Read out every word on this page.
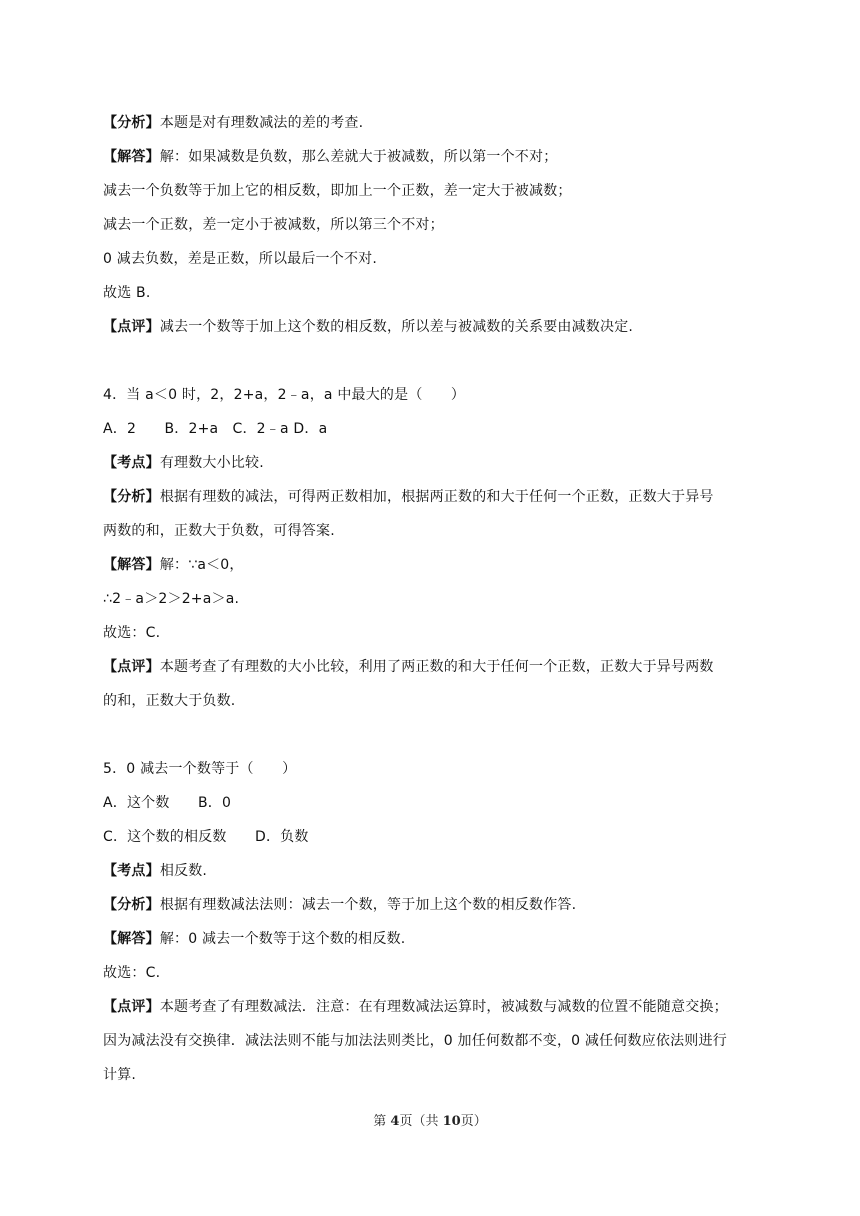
【分析】本题是对有理数减法的差的考查.
【解答】解：如果减数是负数，那么差就大于被减数，所以第一个不对；
减去一个负数等于加上它的相反数，即加上一个正数，差一定大于被减数；
减去一个正数，差一定小于被减数，所以第三个不对；
0 减去负数，差是正数，所以最后一个不对.
故选 B.
【点评】减去一个数等于加上这个数的相反数，所以差与被减数的关系要由减数决定.
4．当 a＜0 时，2，2+a，2﹣a，a 中最大的是（　　）
A．2　　B．2+a　C．2﹣a D．a
【考点】有理数大小比较.
【分析】根据有理数的减法，可得两正数相加，根据两正数的和大于任何一个正数，正数大于异号
两数的和，正数大于负数，可得答案.
【解答】解：∵a＜0，
∴2﹣a＞2＞2+a＞a.
故选：C.
【点评】本题考查了有理数的大小比较，利用了两正数的和大于任何一个正数，正数大于异号两数
的和，正数大于负数.
5．0 减去一个数等于（　　）
A．这个数　　B．0
C．这个数的相反数　　D．负数
【考点】相反数.
【分析】根据有理数减法法则：减去一个数，等于加上这个数的相反数作答.
【解答】解：0 减去一个数等于这个数的相反数.
故选：C.
【点评】本题考查了有理数减法．注意：在有理数减法运算时，被减数与减数的位置不能随意交换；
因为减法没有交换律．减法法则不能与加法法则类比，0 加任何数都不变，0 减任何数应依法则进行
计算.
第 4页（共 10页）
